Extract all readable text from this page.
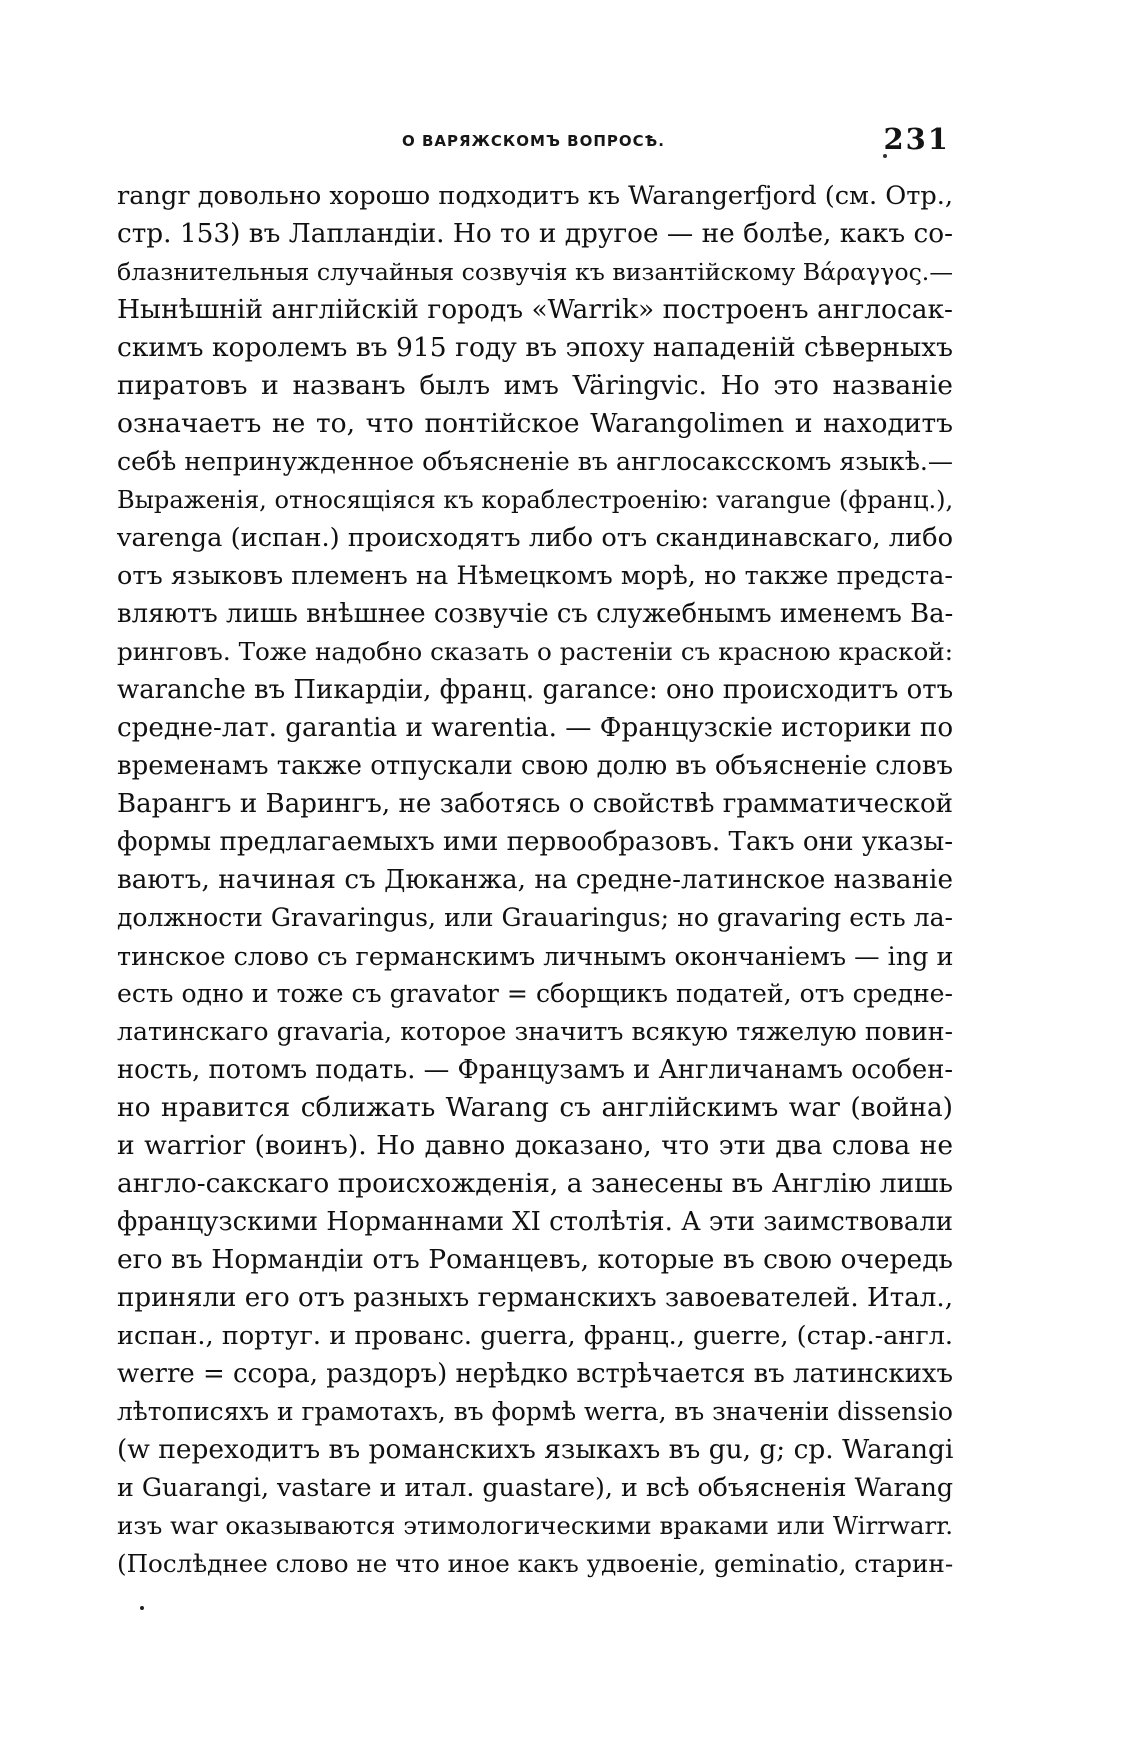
О ВАРЯЖСКОМЪ ВОПРОСѢ.	231
rangr довольно хорошо подходитъ къ Warangerfjord (см. Отр.,
стр. 153) въ Лапландіи. Но то и другое — не болѣе, какъ со-
блазнительныя случайныя созвучія къ византійскому Βάραγγος.—
Нынѣшній англійскій городъ «Warrik» построенъ англосак-
скимъ королемъ въ 915 году въ эпоху нападеній сѣверныхъ
пиратовъ и названъ былъ имъ Väringvic. Но это названіе
означаетъ не то, что понтійское Warangolimen и находитъ
себѣ непринужденное объясненіе въ англосаксскомъ языкѣ.—
Выраженія, относящіяся къ кораблестроенію: varangue (франц.),
varenga (испан.) происходятъ либо отъ скандинавскаго, либо
отъ языковъ племенъ на Нѣмецкомъ морѣ, но также предста-
вляютъ лишь внѣшнее созвучіе съ служебнымъ именемъ Ва-
ринговъ. Тоже надобно сказать о растеніи съ красною краской:
waranche въ Пикардіи, франц. garance: оно происходитъ отъ
средне-лат. garantia и warentia. — Французскіе историки по
временамъ также отпускали свою долю въ объясненіе словъ
Варангъ и Варингъ, не заботясь о свойствѣ грамматической
формы предлагаемыхъ ими первообразовъ. Такъ они указы-
ваютъ, начиная съ Дюканжа, на средне-латинское названіе
должности Gravaringus, или Grauaringus; но gravaring есть ла-
тинское слово съ германскимъ личнымъ окончаніемъ — ing и
есть одно и тоже съ gravator = сборщикъ податей, отъ средне-
латинскаго gravaria, которое значитъ всякую тяжелую повин-
ность, потомъ подать. — Французамъ и Англичанамъ особен-
но нравится сближать Warang съ англійскимъ war (война)
и warrior (воинъ). Но давно доказано, что эти два слова не
англо-сакскаго происхожденія, а занесены въ Англію лишь
французскими Норманнами XI столѣтія. А эти заимствовали
его въ Нормандіи отъ Романцевъ, которые въ свою очередь
приняли его отъ разныхъ германскихъ завоевателей. Итал.,
испан., португ. и прованс. guerra, франц., guerre, (стар.-англ.
werre = ссора, раздоръ) нерѣдко встрѣчается въ латинскихъ
лѣтописяхъ и грамотахъ, въ формѣ werra, въ значеніи dissensio
(w переходитъ въ романскихъ языкахъ въ gu, g; ср. Warangi
и Guarangi, vastare и итал. guastare), и всѣ объясненія Warang
изъ war оказываются этимологическими враками или Wirrwarr.
(Послѣднее слово не что иное какъ удвоеніе, geminatio, старин-
